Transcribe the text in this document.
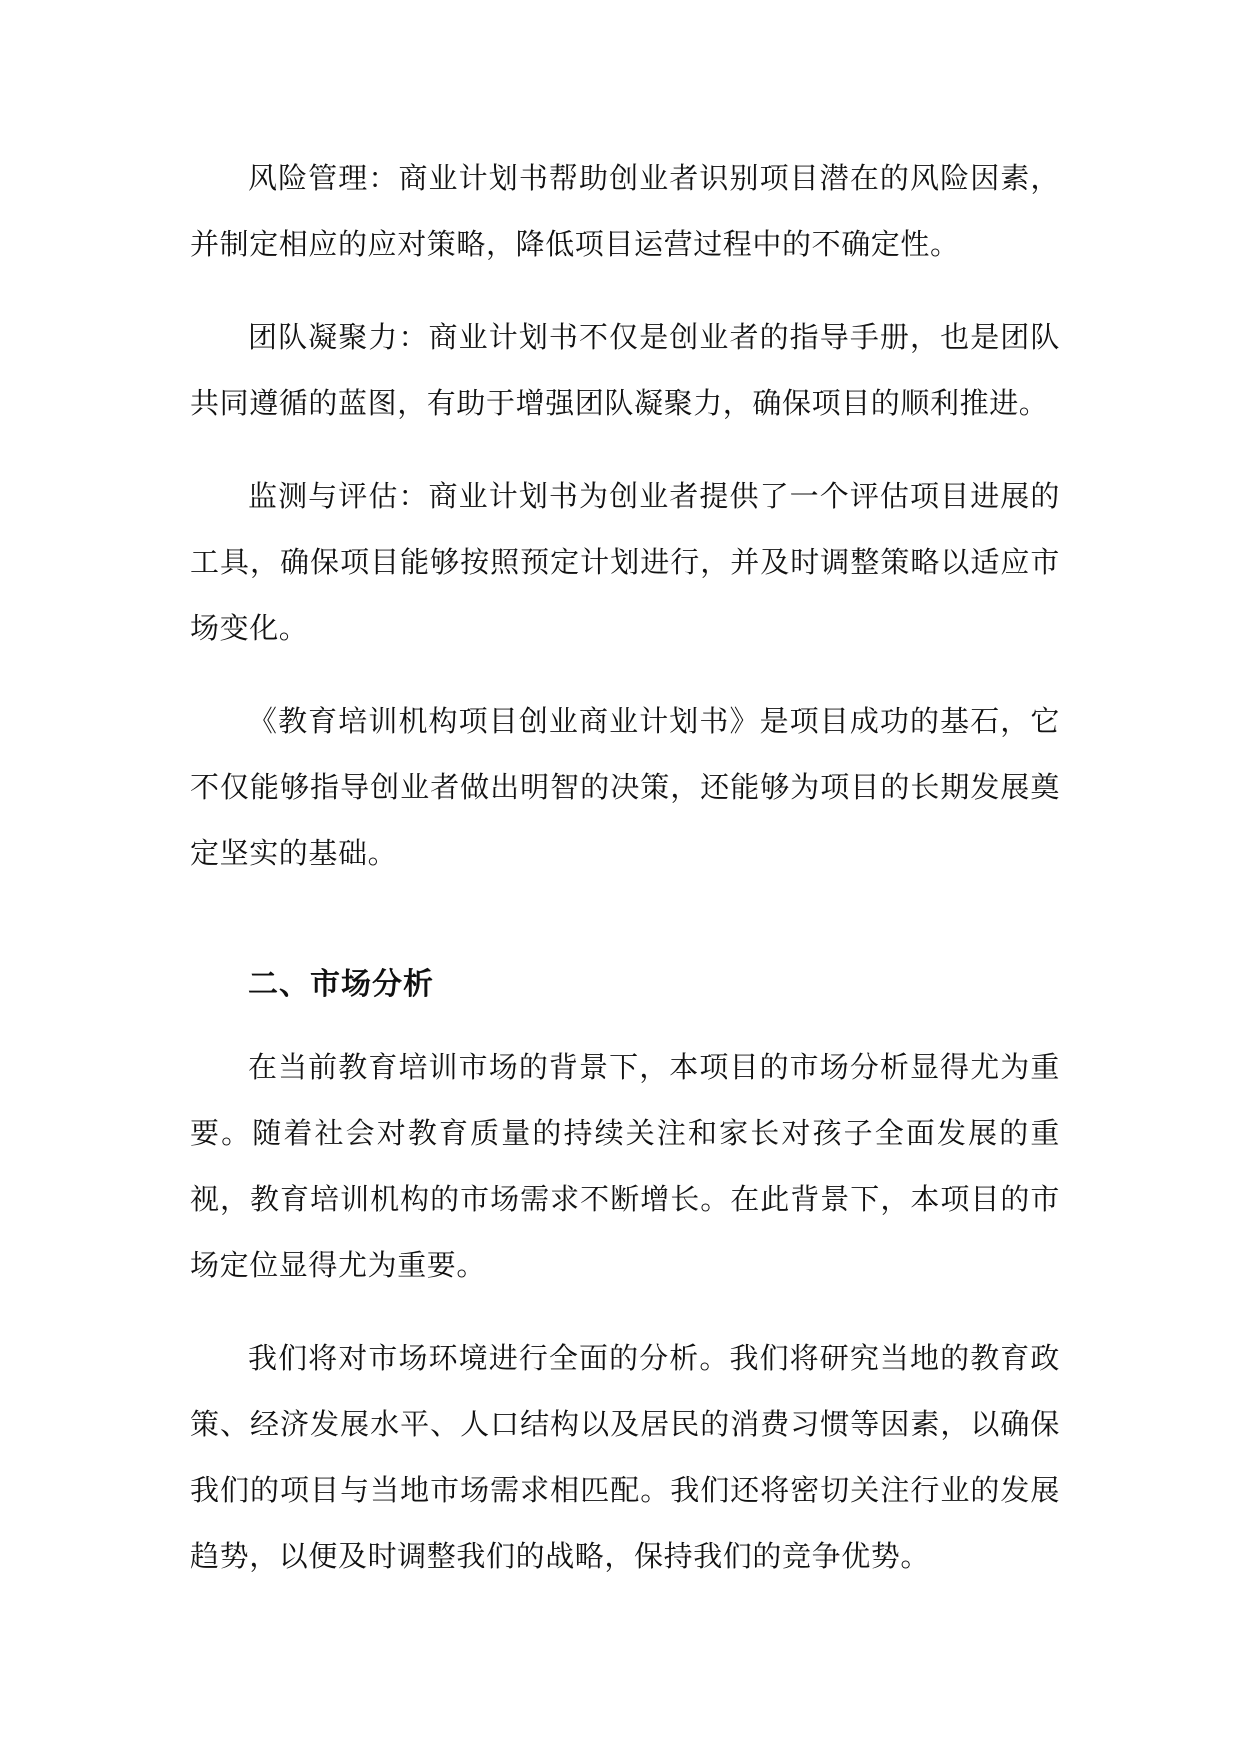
风险管理：商业计划书帮助创业者识别项目潜在的风险因素，并制定相应的应对策略，降低项目运营过程中的不确定性。

团队凝聚力：商业计划书不仅是创业者的指导手册，也是团队共同遵循的蓝图，有助于增强团队凝聚力，确保项目的顺利推进。

监测与评估：商业计划书为创业者提供了一个评估项目进展的工具，确保项目能够按照预定计划进行，并及时调整策略以适应市场变化。

《教育培训机构项目创业商业计划书》是项目成功的基石，它不仅能够指导创业者做出明智的决策，还能够为项目的长期发展奠定坚实的基础。

二、市场分析

在当前教育培训市场的背景下，本项目的市场分析显得尤为重要。随着社会对教育质量的持续关注和家长对孩子全面发展的重视，教育培训机构的市场需求不断增长。在此背景下，本项目的市场定位显得尤为重要。

我们将对市场环境进行全面的分析。我们将研究当地的教育政策、经济发展水平、人口结构以及居民的消费习惯等因素，以确保我们的项目与当地市场需求相匹配。我们还将密切关注行业的发展趋势，以便及时调整我们的战略，保持我们的竞争优势。
